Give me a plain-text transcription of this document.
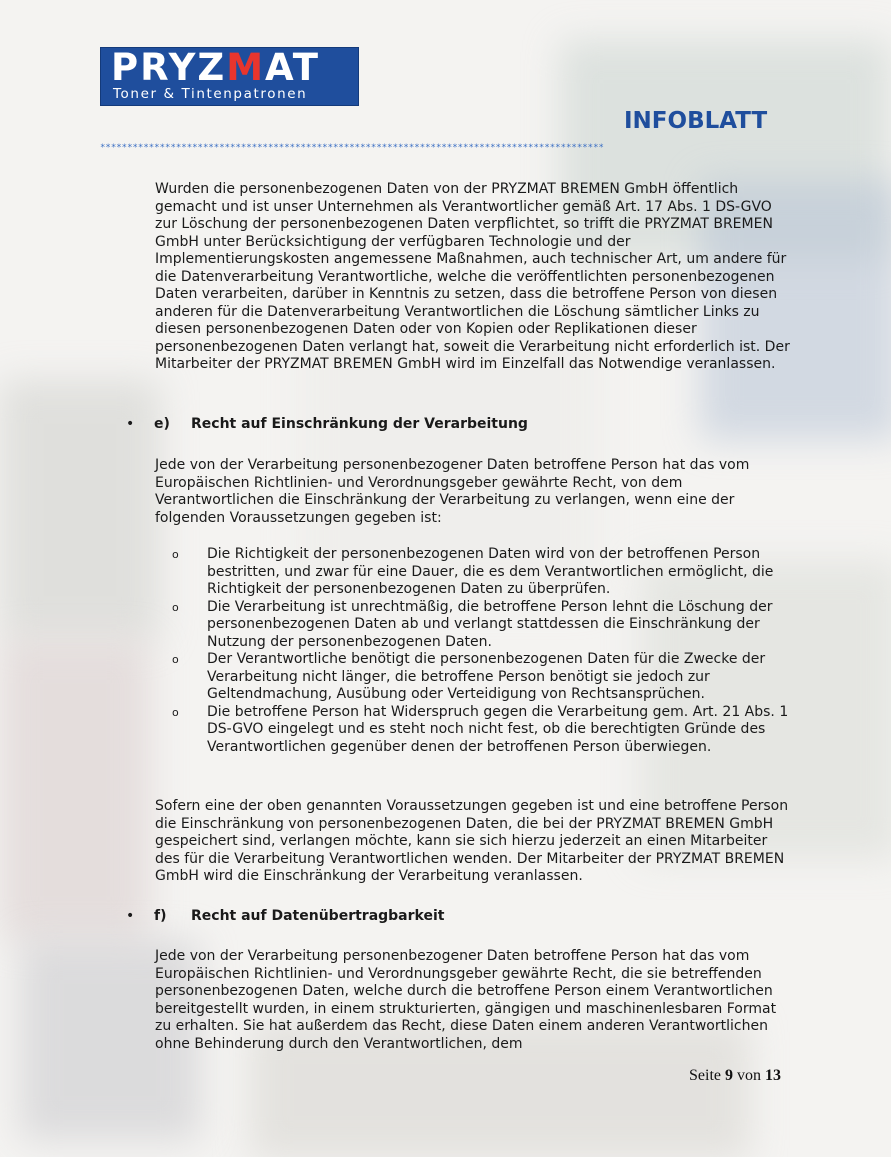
PRYZMAT
Toner & Tintenpatronen
INFOBLATT
*********************************************************************************************
Wurden die personenbezogenen Daten von der PRYZMAT BREMEN GmbH öffentlich gemacht und ist unser Unternehmen als Verantwortlicher gemäß Art. 17 Abs. 1 DS-GVO zur Löschung der personenbezogenen Daten verpflichtet, so trifft die PRYZMAT BREMEN GmbH unter Berücksichtigung der verfügbaren Technologie und der Implementierungskosten angemessene Maßnahmen, auch technischer Art, um andere für die Datenverarbeitung Verantwortliche, welche die veröffentlichten personenbezogenen Daten verarbeiten, darüber in Kenntnis zu setzen, dass die betroffene Person von diesen anderen für die Datenverarbeitung Verantwortlichen die Löschung sämtlicher Links zu diesen personenbezogenen Daten oder von Kopien oder Replikationen dieser personenbezogenen Daten verlangt hat, soweit die Verarbeitung nicht erforderlich ist. Der Mitarbeiter der PRYZMAT BREMEN GmbH wird im Einzelfall das Notwendige veranlassen.
• e) Recht auf Einschränkung der Verarbeitung
Jede von der Verarbeitung personenbezogener Daten betroffene Person hat das vom Europäischen Richtlinien- und Verordnungsgeber gewährte Recht, von dem Verantwortlichen die Einschränkung der Verarbeitung zu verlangen, wenn eine der folgenden Voraussetzungen gegeben ist:
o Die Richtigkeit der personenbezogenen Daten wird von der betroffenen Person bestritten, und zwar für eine Dauer, die es dem Verantwortlichen ermöglicht, die Richtigkeit der personenbezogenen Daten zu überprüfen.
o Die Verarbeitung ist unrechtmäßig, die betroffene Person lehnt die Löschung der personenbezogenen Daten ab und verlangt stattdessen die Einschränkung der Nutzung der personenbezogenen Daten.
o Der Verantwortliche benötigt die personenbezogenen Daten für die Zwecke der Verarbeitung nicht länger, die betroffene Person benötigt sie jedoch zur Geltendmachung, Ausübung oder Verteidigung von Rechtsansprüchen.
o Die betroffene Person hat Widerspruch gegen die Verarbeitung gem. Art. 21 Abs. 1 DS-GVO eingelegt und es steht noch nicht fest, ob die berechtigten Gründe des Verantwortlichen gegenüber denen der betroffenen Person überwiegen.
Sofern eine der oben genannten Voraussetzungen gegeben ist und eine betroffene Person die Einschränkung von personenbezogenen Daten, die bei der PRYZMAT BREMEN GmbH gespeichert sind, verlangen möchte, kann sie sich hierzu jederzeit an einen Mitarbeiter des für die Verarbeitung Verantwortlichen wenden. Der Mitarbeiter der PRYZMAT BREMEN GmbH wird die Einschränkung der Verarbeitung veranlassen.
• f) Recht auf Datenübertragbarkeit
Jede von der Verarbeitung personenbezogener Daten betroffene Person hat das vom Europäischen Richtlinien- und Verordnungsgeber gewährte Recht, die sie betreffenden personenbezogenen Daten, welche durch die betroffene Person einem Verantwortlichen bereitgestellt wurden, in einem strukturierten, gängigen und maschinenlesbaren Format zu erhalten. Sie hat außerdem das Recht, diese Daten einem anderen Verantwortlichen ohne Behinderung durch den Verantwortlichen, dem
Seite 9 von 13
